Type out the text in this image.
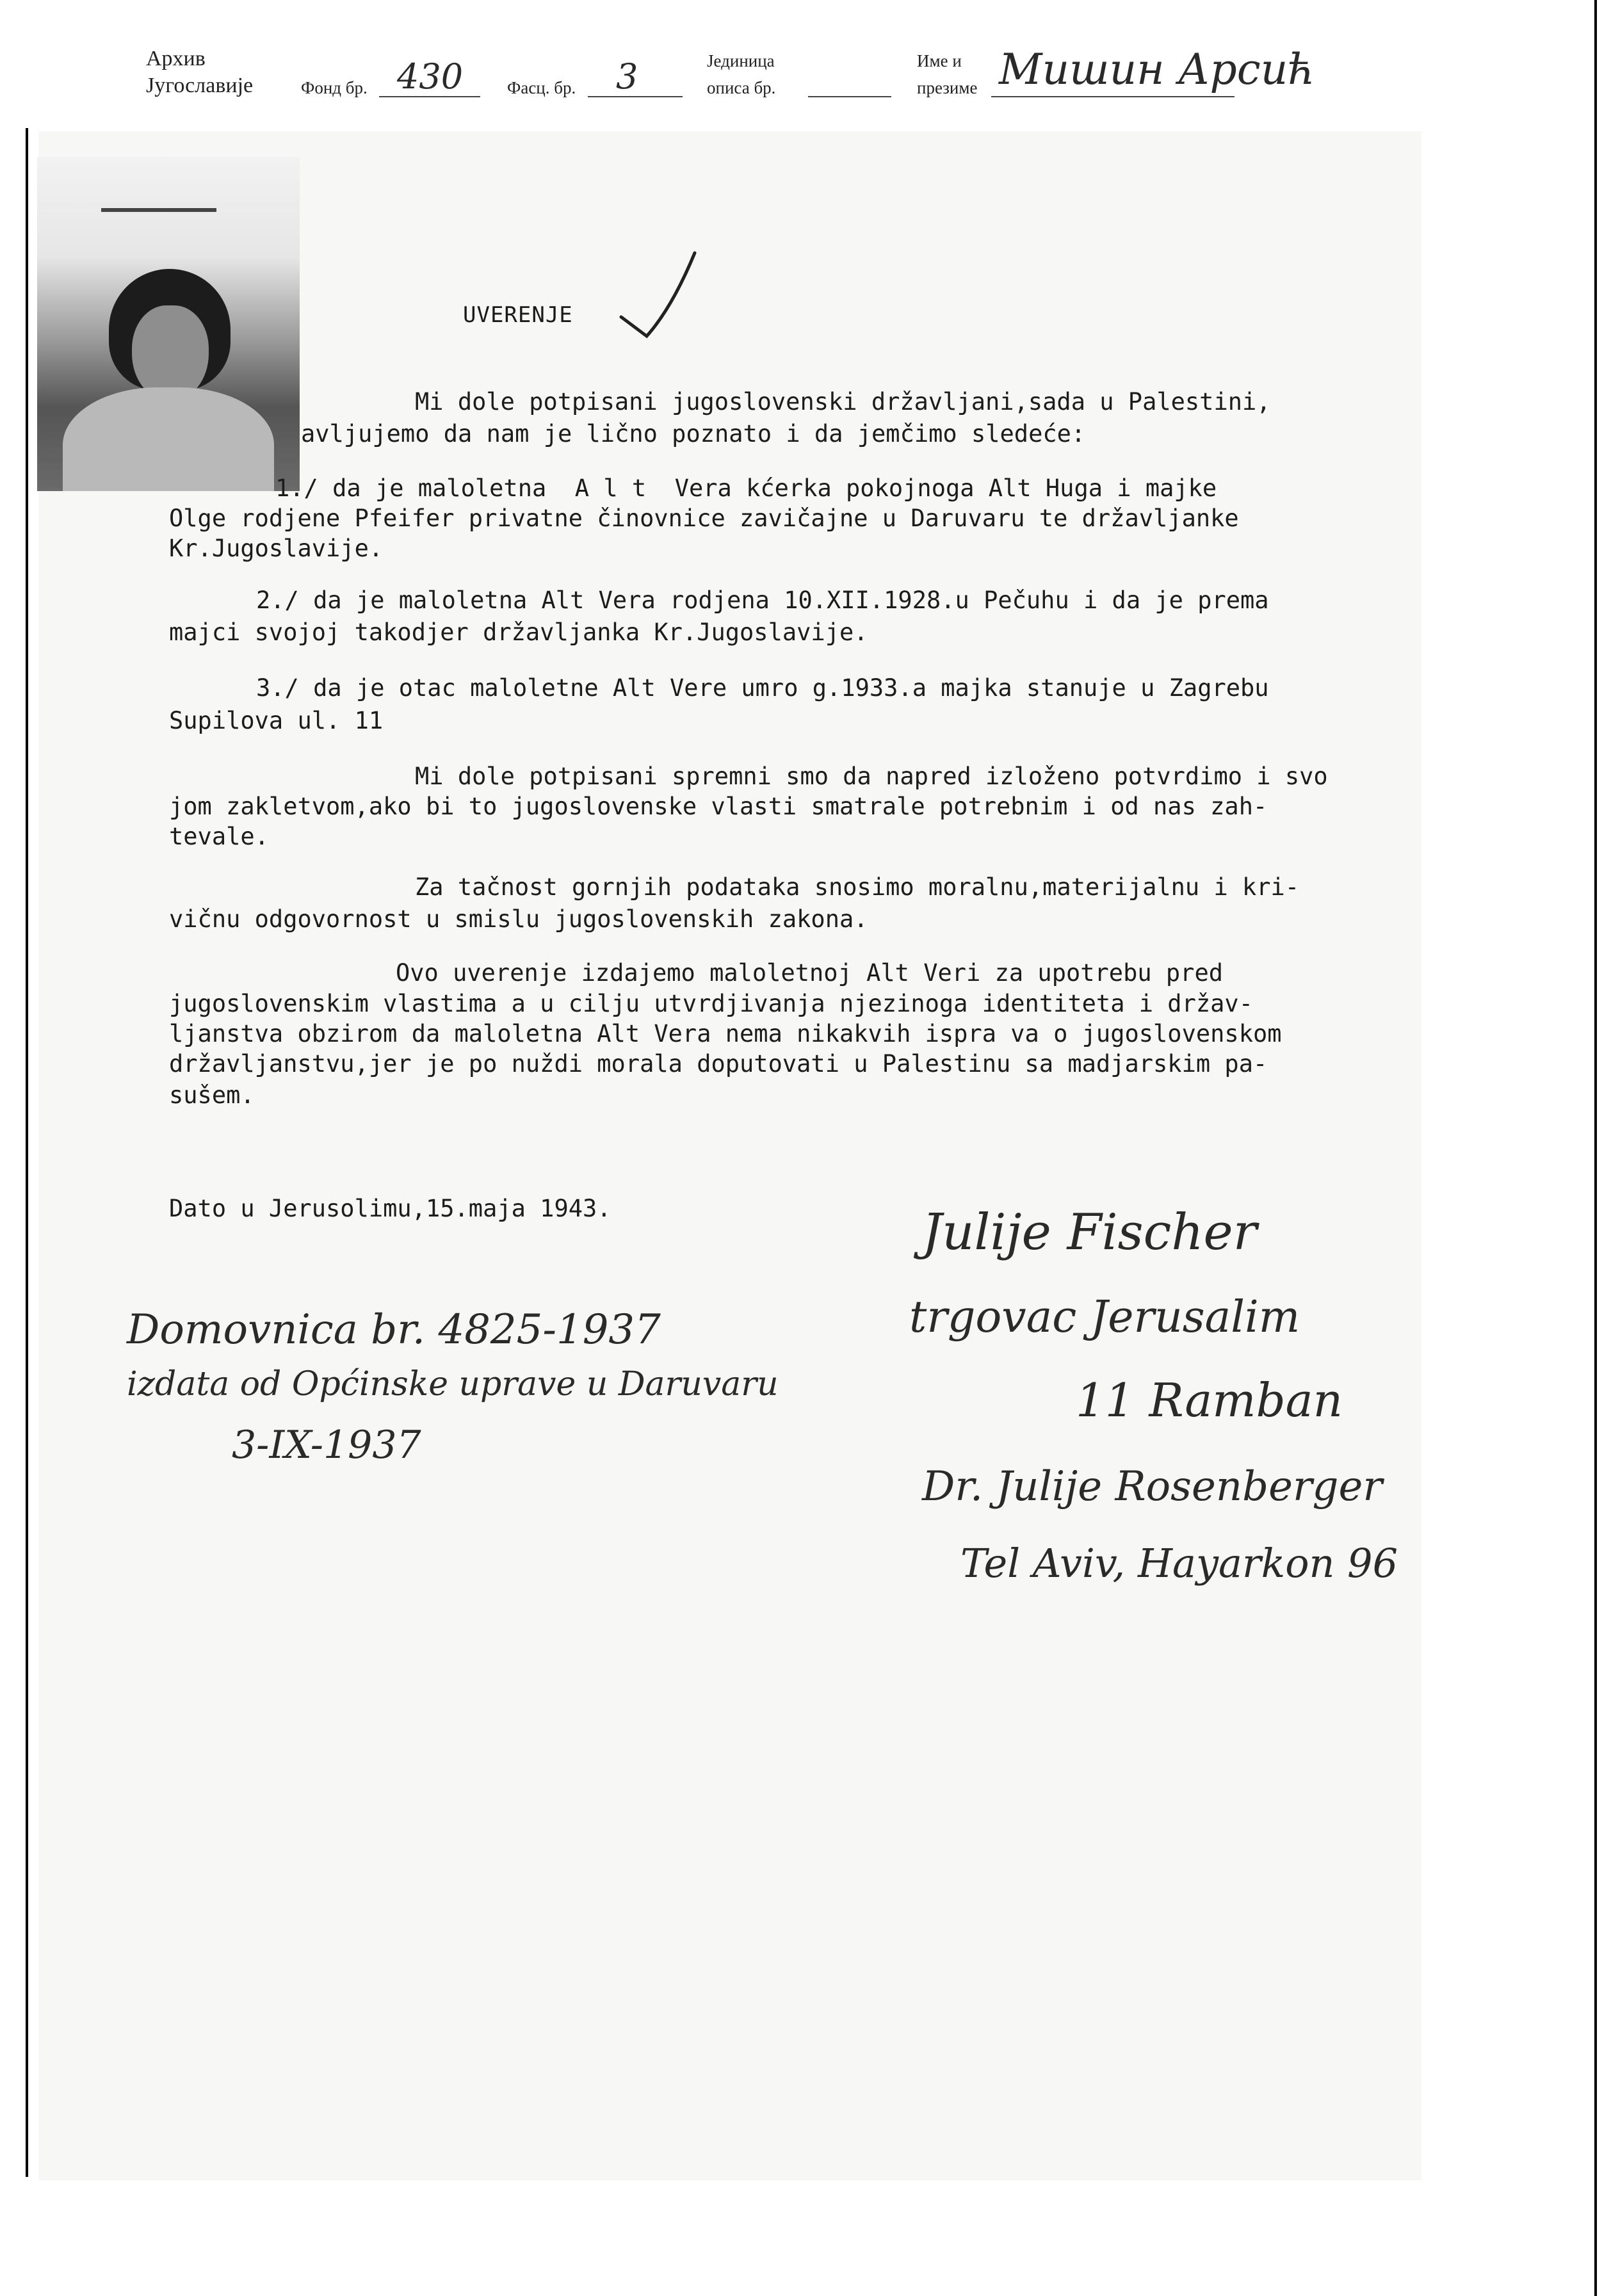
Архив
Југославије	Фонд бр. 430	Фасц. бр. 3	Јединица
описа бр.
Име и
презиме Мишин Арсић
UVERENJE
Mi dole potpisani jugoslovenski državljani,sada u Palestini,
avljujemo da nam je lično poznato i da jemčimo sledeće:
1./ da je maloletna  A l t  Vera kćerka pokojnoga Alt Huga i majke
Olge rodjene Pfeifer privatne činovnice zavičajne u Daruvaru te državljanke
Kr.Jugoslavije.
2./ da je maloletna Alt Vera rodjena 10.XII.1928.u Pečuhu i da je prema
majci svojoj takodjer državljanka Kr.Jugoslavije.
3./ da je otac maloletne Alt Vere umro g.1933.a majka stanuje u Zagrebu
Supilova ul. 11
Mi dole potpisani spremni smo da napred izloženo potvrdimo i svo
jom zakletvom,ako bi to jugoslovenske vlasti smatrale potrebnim i od nas zah-
tevale.
Za tačnost gornjih podataka snosimo moralnu,materijalnu i kri-
vičnu odgovornost u smislu jugoslovenskih zakona.
Ovo uverenje izdajemo maloletnoj Alt Veri za upotrebu pred
jugoslovenskim vlastima a u cilju utvrdjivanja njezinoga identiteta i držav-
ljanstva obzirom da maloletna Alt Vera nema nikakvih ispra va o jugoslovenskom
državljanstvu,jer je po nuždi morala doputovati u Palestinu sa madjarskim pa-
sušem.
Dato u Jerusolimu,15.maja 1943.
Domovnica br. 4825-1937
izdata od Općinske uprave u Daruvaru
3-IX-1937
Julije Fischer
trgovac Jerusalim
11 Ramban
Dr. Julije Rosenberger
Tel Aviv, Hayarkon 96
